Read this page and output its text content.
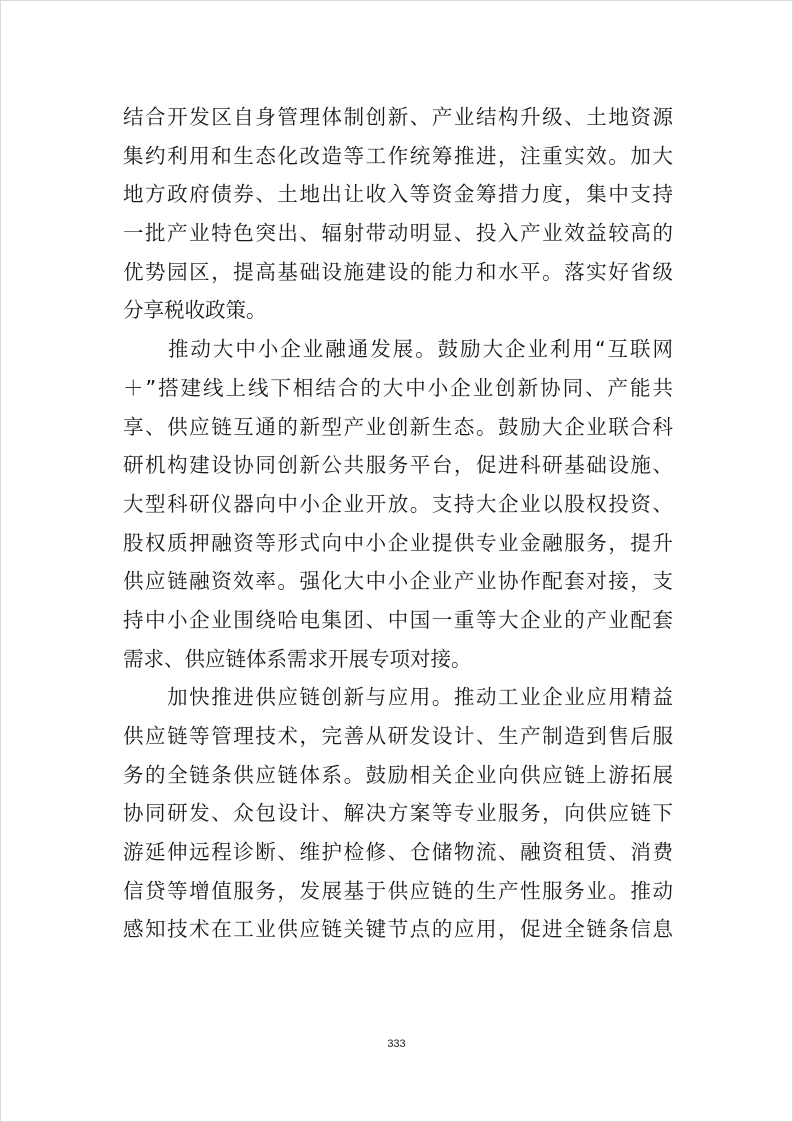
结合开发区自身管理体制创新、产业结构升级、土地资源
集约利用和生态化改造等工作统筹推进，注重实效。加大
地方政府债券、土地出让收入等资金筹措力度，集中支持
一批产业特色突出、辐射带动明显、投入产业效益较高的
优势园区，提高基础设施建设的能力和水平。落实好省级
分享税收政策。
　　推动大中小企业融通发展。鼓励大企业利用“互联网
＋”搭建线上线下相结合的大中小企业创新协同、产能共
享、供应链互通的新型产业创新生态。鼓励大企业联合科
研机构建设协同创新公共服务平台，促进科研基础设施、
大型科研仪器向中小企业开放。支持大企业以股权投资、
股权质押融资等形式向中小企业提供专业金融服务，提升
供应链融资效率。强化大中小企业产业协作配套对接，支
持中小企业围绕哈电集团、中国一重等大企业的产业配套
需求、供应链体系需求开展专项对接。
　　加快推进供应链创新与应用。推动工业企业应用精益
供应链等管理技术，完善从研发设计、生产制造到售后服
务的全链条供应链体系。鼓励相关企业向供应链上游拓展
协同研发、众包设计、解决方案等专业服务，向供应链下
游延伸远程诊断、维护检修、仓储物流、融资租赁、消费
信贷等增值服务，发展基于供应链的生产性服务业。推动
感知技术在工业供应链关键节点的应用，促进全链条信息
333
